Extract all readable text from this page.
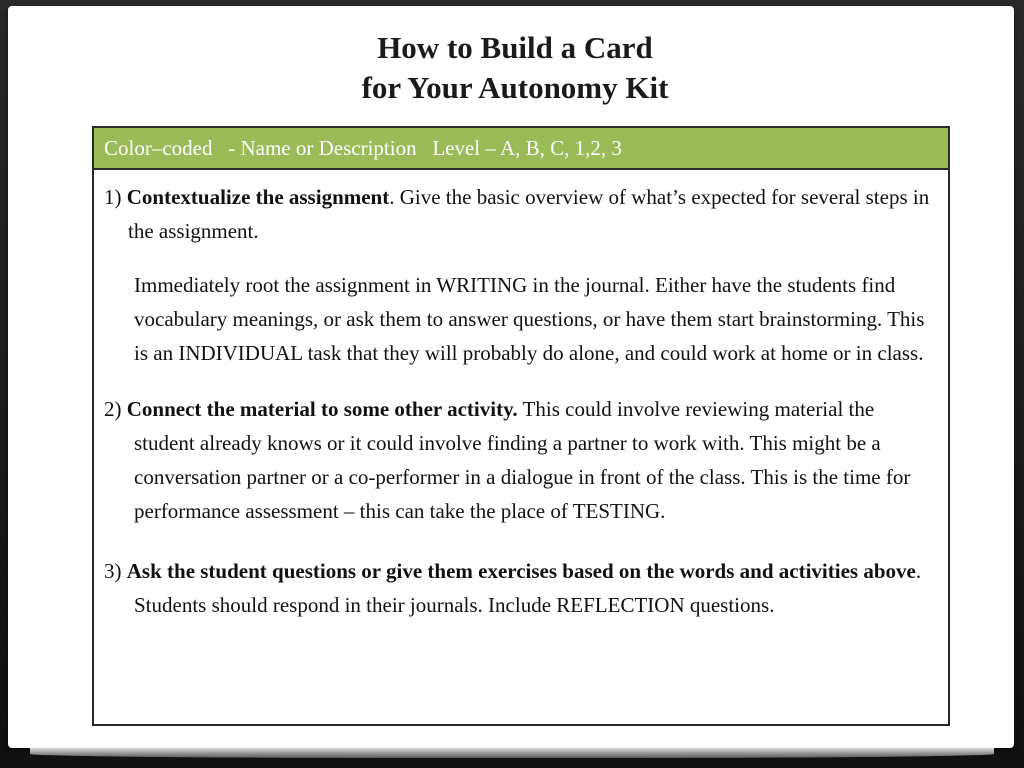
How to Build a Card
for Your Autonomy Kit
Color–coded   - Name or Description   Level – A, B, C, 1,2, 3

1) Contextualize the assignment. Give the basic overview of what’s expected for several steps in the assignment.

Immediately root the assignment in WRITING in the journal. Either have the students find vocabulary meanings, or ask them to answer questions, or have them start brainstorming. This is an INDIVIDUAL task that they will probably do alone, and could work at home or in class.

2) Connect the material to some other activity. This could involve reviewing material the student already knows or it could involve finding a partner to work with. This might be a conversation partner or a co-performer in a dialogue in front of the class. This is the time for performance assessment – this can take the place of TESTING.

3) Ask the student questions or give them exercises based on the words and activities above. Students should respond in their journals. Include REFLECTION questions.
